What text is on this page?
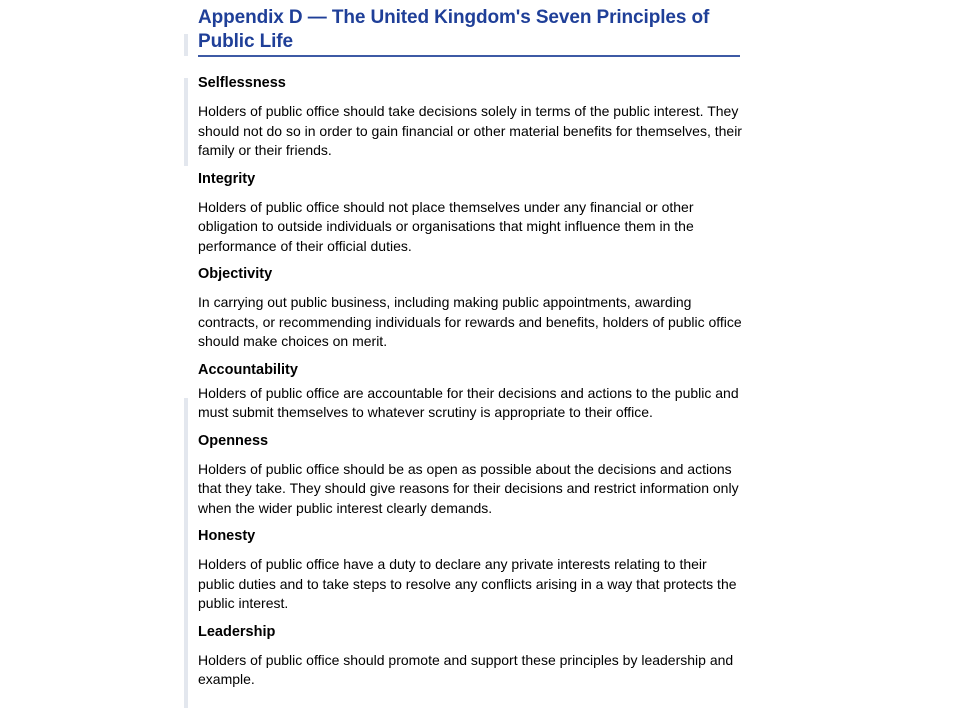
Appendix D — The United Kingdom's Seven Principles of Public Life
Selflessness

Holders of public office should take decisions solely in terms of the public interest. They should not do so in order to gain financial or other material benefits for themselves, their family or their friends.

Integrity

Holders of public office should not place themselves under any financial or other obligation to outside individuals or organisations that might influence them in the performance of their official duties.

Objectivity

In carrying out public business, including making public appointments, awarding contracts, or recommending individuals for rewards and benefits, holders of public office should make choices on merit.

Accountability

Holders of public office are accountable for their decisions and actions to the public and must submit themselves to whatever scrutiny is appropriate to their office.

Openness

Holders of public office should be as open as possible about the decisions and actions that they take. They should give reasons for their decisions and restrict information only when the wider public interest clearly demands.

Honesty

Holders of public office have a duty to declare any private interests relating to their public duties and to take steps to resolve any conflicts arising in a way that protects the public interest.

Leadership

Holders of public office should promote and support these principles by leadership and example.
